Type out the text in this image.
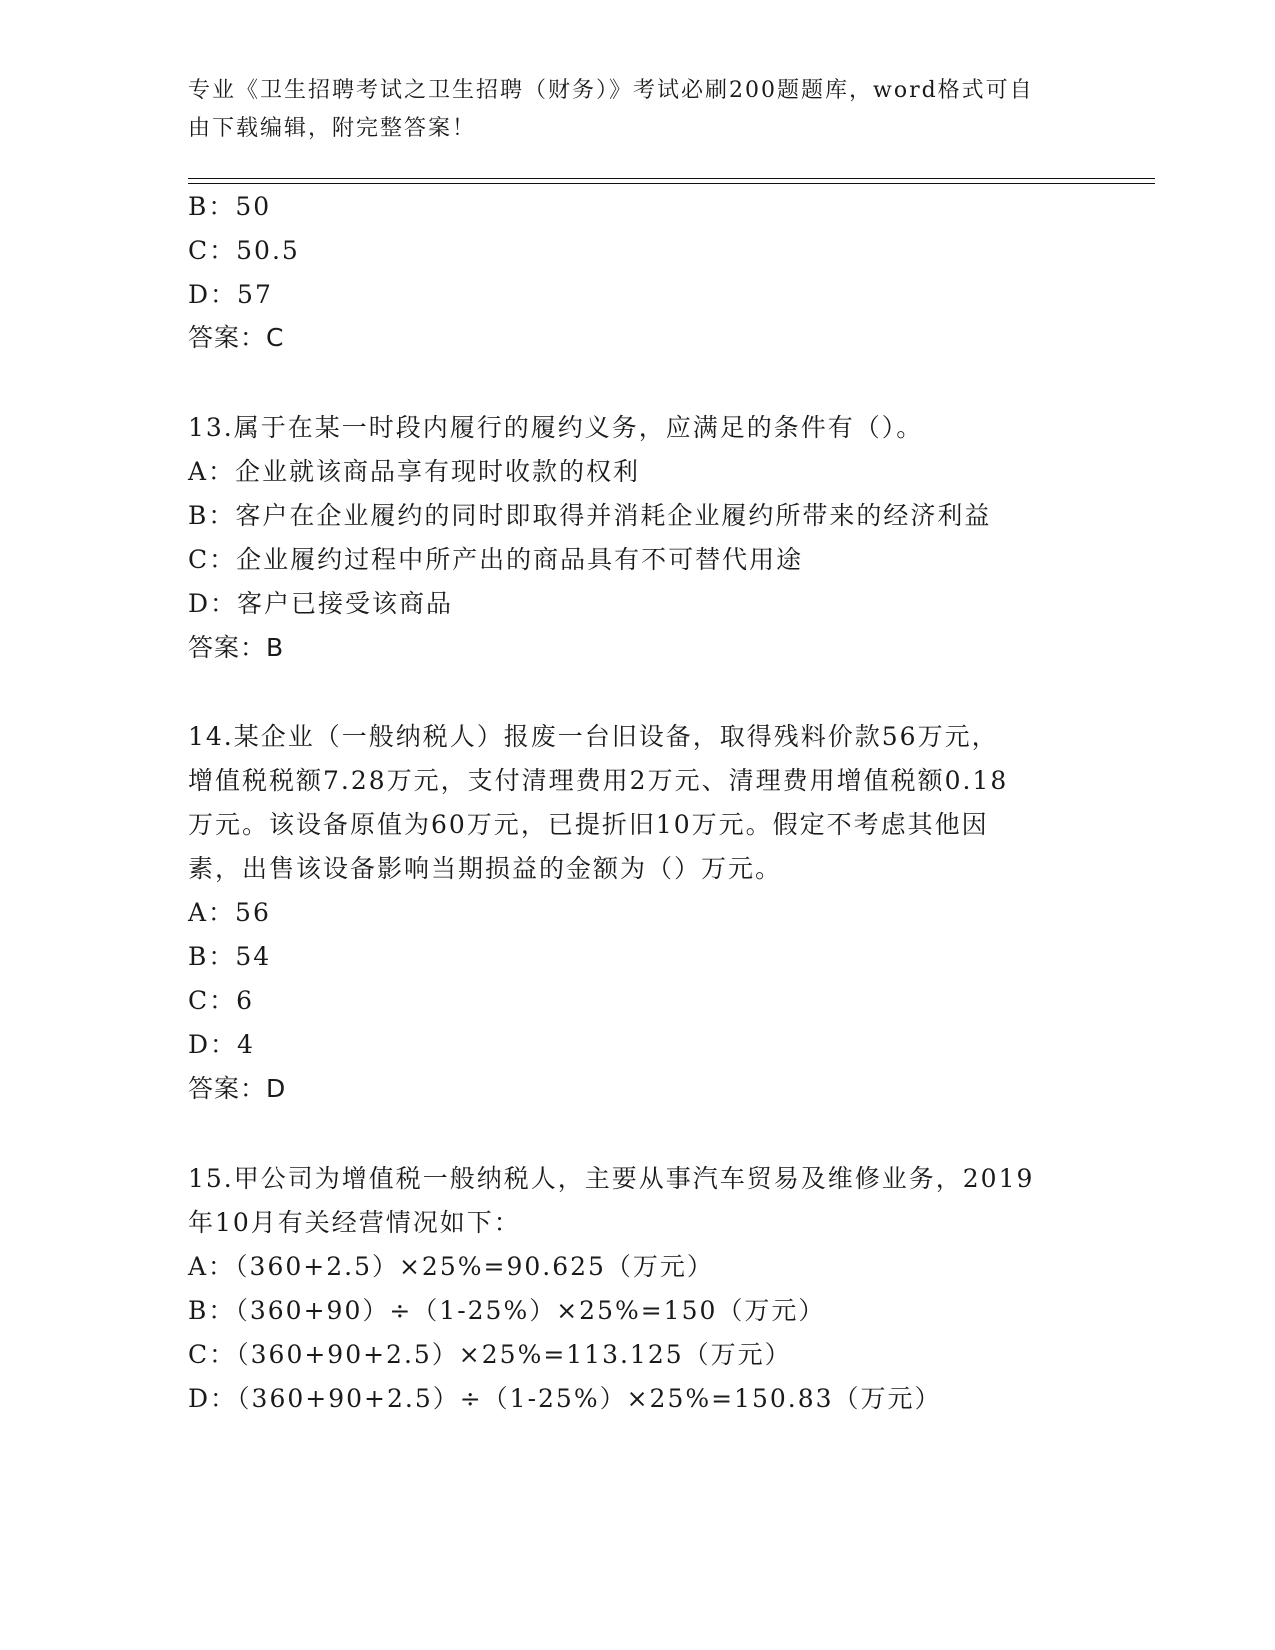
专业《卫生招聘考试之卫生招聘（财务）》考试必刷200题题库，word格式可自
由下载编辑，附完整答案！
B：50
C：50.5
D：57
答案：C
13.属于在某一时段内履行的履约义务，应满足的条件有（）。
A：企业就该商品享有现时收款的权利
B：客户在企业履约的同时即取得并消耗企业履约所带来的经济利益
C：企业履约过程中所产出的商品具有不可替代用途
D：客户已接受该商品
答案：B
14.某企业（一般纳税人）报废一台旧设备，取得残料价款56万元，
增值税税额7.28万元，支付清理费用2万元、清理费用增值税额0.18
万元。该设备原值为60万元，已提折旧10万元。假定不考虑其他因
素，出售该设备影响当期损益的金额为（）万元。
A：56
B：54
C：6
D：4
答案：D
15.甲公司为增值税一般纳税人，主要从事汽车贸易及维修业务，2019
年10月有关经营情况如下：
A：（360+2.5）×25%=90.625（万元）
B：（360+90）÷（1-25%）×25%=150（万元）
C：（360+90+2.5）×25%=113.125（万元）
D：（360+90+2.5）÷（1-25%）×25%=150.83（万元）
